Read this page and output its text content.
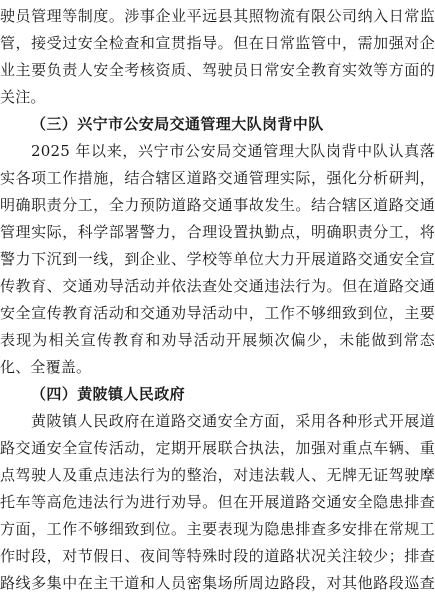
驶员管理等制度。涉事企业平远县其照物流有限公司纳入日常监
管，接受过安全检查和宣贯指导。但在日常监管中，需加强对企
业主要负责人安全考核资质、驾驶员日常安全教育实效等方面的
关注。
（三）兴宁市公安局交通管理大队岗背中队
2025 年以来，兴宁市公安局交通管理大队岗背中队认真落
实各项工作措施，结合辖区道路交通管理实际，强化分析研判，
明确职责分工，全力预防道路交通事故发生。结合辖区道路交通
管理实际，科学部署警力，合理设置执勤点，明确职责分工，将
警力下沉到一线，到企业、学校等单位大力开展道路交通安全宣
传教育、交通劝导活动并依法查处交通违法行为。但在道路交通
安全宣传教育活动和交通劝导活动中，工作不够细致到位，主要
表现为相关宣传教育和劝导活动开展频次偏少，未能做到常态
化、全覆盖。
（四）黄陂镇人民政府
黄陂镇人民政府在道路交通安全方面，采用各种形式开展道
路交通安全宣传活动，定期开展联合执法，加强对重点车辆、重
点驾驶人及重点违法行为的整治，对违法载人、无牌无证驾驶摩
托车等高危违法行为进行劝导。但在开展道路交通安全隐患排查
方面，工作不够细致到位。主要表现为隐患排查多安排在常规工
作时段，对节假日、夜间等特殊时段的道路状况关注较少；排查
路线多集中在主干道和人员密集场所周边路段，对其他路段巡查
